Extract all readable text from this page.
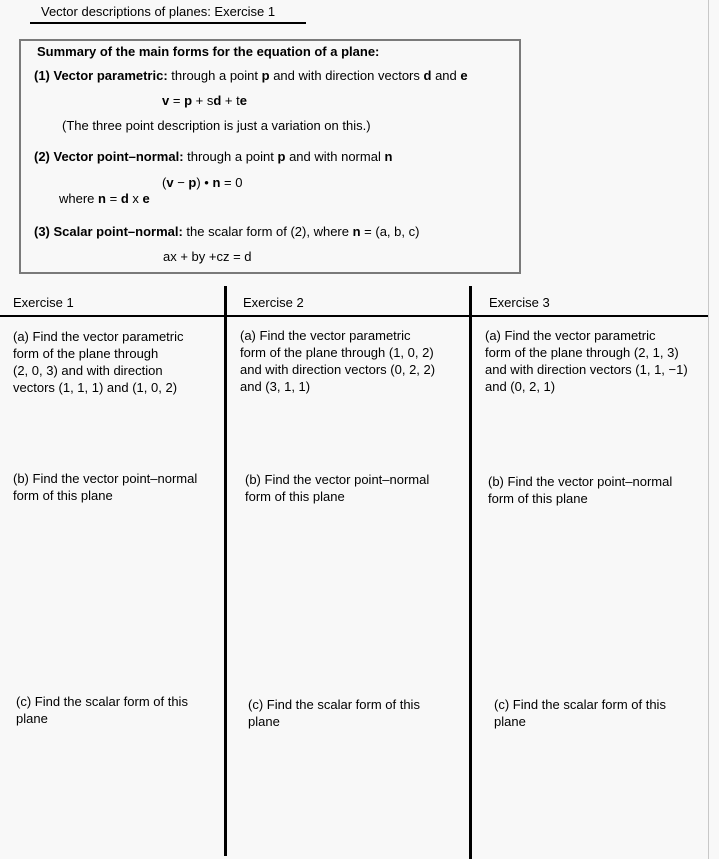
Vector descriptions of planes: Exercise 1
Summary of the main forms for the equation of a plane:
(1) Vector parametric: through a point p and with direction vectors d and e
v = p + sd + te
(The three point description is just a variation on this.)
(2) Vector point–normal: through a point p and with normal n
(v − p) • n = 0
where n = d x e
(3) Scalar point–normal: the scalar form of (2), where n = (a, b, c)
ax + by +cz = d
Exercise 1	Exercise 2	Exercise 3
(a) Find the vector parametric
form of the plane through
(2, 0, 3) and with direction
vectors (1, 1, 1) and (1, 0, 2)
(b) Find the vector point–normal
form of this plane
(c) Find the scalar form of this
plane
(a) Find the vector parametric
form of the plane through (1, 0, 2)
and with direction vectors (0, 2, 2)
and (3, 1, 1)
(b) Find the vector point–normal
form of this plane
(c) Find the scalar form of this
plane
(a) Find the vector parametric
form of the plane through (2, 1, 3)
and with direction vectors (1, 1, −1)
and (0, 2, 1)
(b) Find the vector point–normal
form of this plane
(c) Find the scalar form of this
plane
